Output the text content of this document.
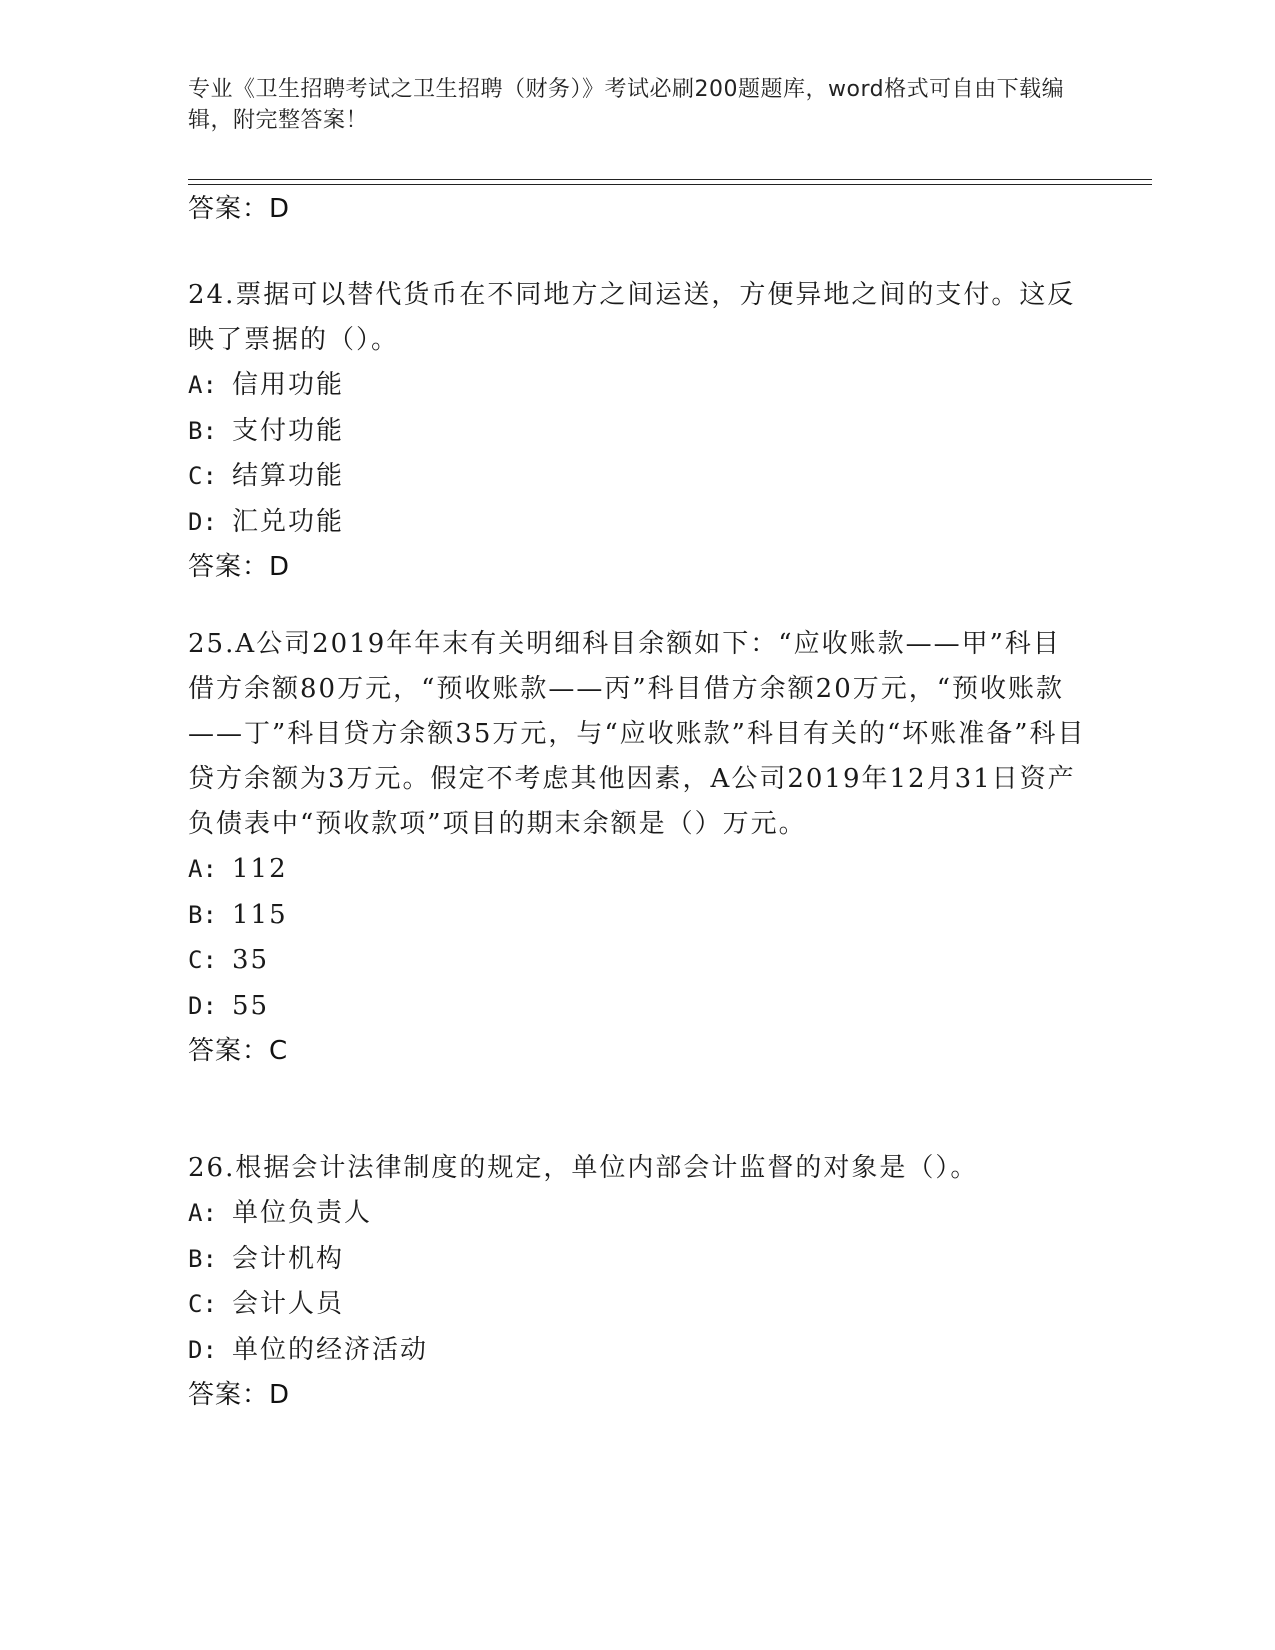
专业《卫生招聘考试之卫生招聘（财务）》考试必刷200题题库，word格式可自由下载编辑，附完整答案！
答案：D
24.票据可以替代货币在不同地方之间运送，方便异地之间的支付。这反映了票据的（）。
A: 信用功能
B: 支付功能
C: 结算功能
D: 汇兑功能
答案：D
25.A公司2019年年末有关明细科目余额如下：“应收账款——甲”科目借方余额80万元，“预收账款——丙”科目借方余额20万元，“预收账款——丁”科目贷方余额35万元，与“应收账款”科目有关的“坏账准备”科目贷方余额为3万元。假定不考虑其他因素，A公司2019年12月31日资产负债表中“预收款项”项目的期末余额是（）万元。
A: 112
B: 115
C: 35
D: 55
答案：C
26.根据会计法律制度的规定，单位内部会计监督的对象是（）。
A: 单位负责人
B: 会计机构
C: 会计人员
D: 单位的经济活动
答案：D
